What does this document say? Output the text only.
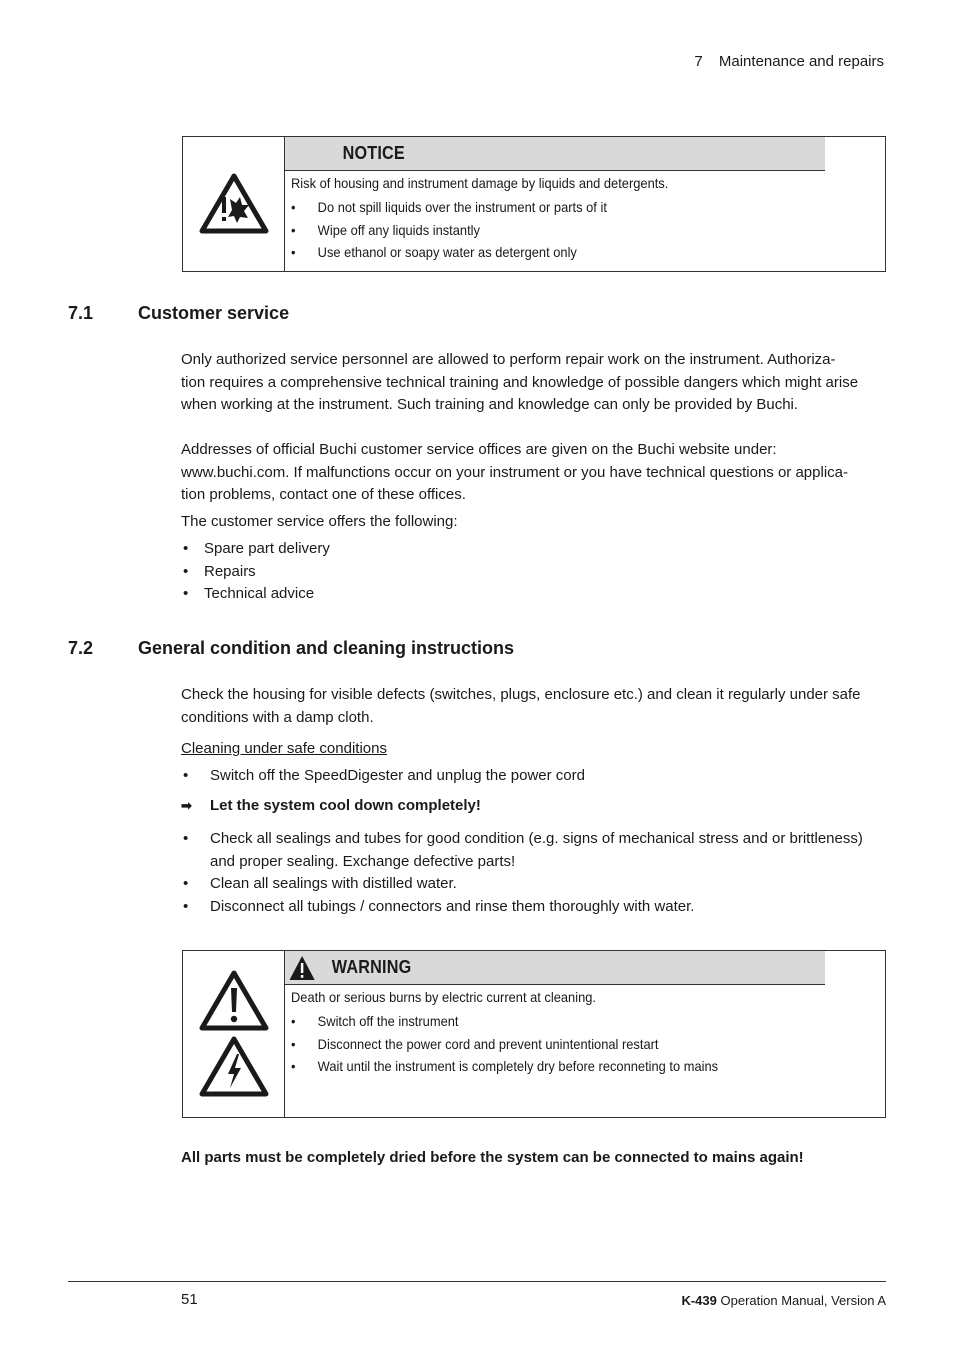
7 Maintenance and repairs
NOTICE
Risk of housing and instrument damage by liquids and detergents.
• Do not spill liquids over the instrument or parts of it
• Wipe off any liquids instantly
• Use ethanol or soapy water as detergent only
7.1 Customer service
Only authorized service personnel are allowed to perform repair work on the instrument. Authoriza-
tion requires a comprehensive technical training and knowledge of possible dangers which might arise
when working at the instrument. Such training and knowledge can only be provided by Buchi.
Addresses of official Buchi customer service offices are given on the Buchi website under:
www.buchi.com. If malfunctions occur on your instrument or you have technical questions or applica-
tion problems, contact one of these offices.
The customer service offers the following:
• Spare part delivery
• Repairs
• Technical advice
7.2 General condition and cleaning instructions
Check the housing for visible defects (switches, plugs, enclosure etc.) and clean it regularly under safe
conditions with a damp cloth.
Cleaning under safe conditions
• Switch off the SpeedDigester and unplug the power cord
➡ Let the system cool down completely!
• Check all sealings and tubes for good condition (e.g. signs of mechanical stress and or brittleness)
and proper sealing. Exchange defective parts!
• Clean all sealings with distilled water.
• Disconnect all tubings / connectors and rinse them thoroughly with water.
WARNING
Death or serious burns by electric current at cleaning.
• Switch off the instrument
• Disconnect the power cord and prevent unintentional restart
• Wait until the instrument is completely dry before reconneting to mains
All parts must be completely dried before the system can be connected to mains again!
51	K-439 Operation Manual, Version A
